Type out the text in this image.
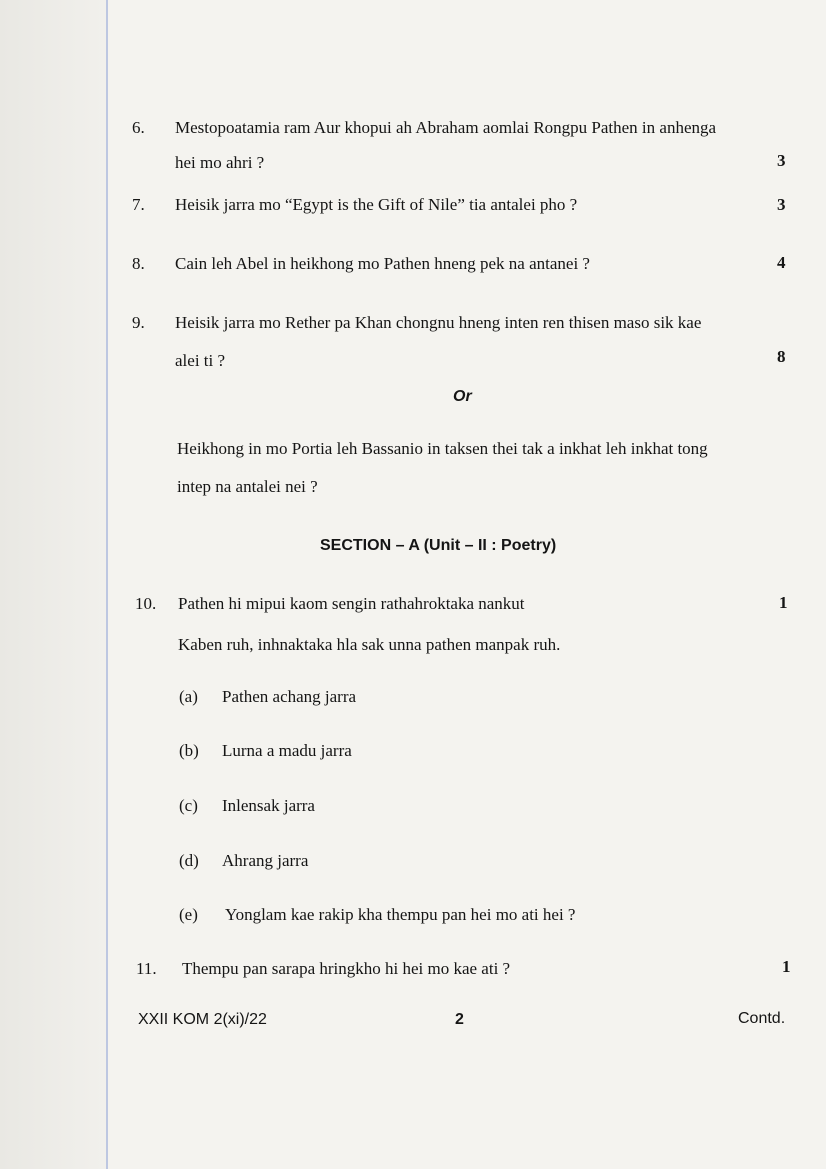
6. Mestopoatamia ram Aur khopui ah Abraham aomlai Rongpu Pathen in anhenga
hei mo ahri ?	3
7. Heisik jarra mo “Egypt is the Gift of Nile” tia antalei pho ?	3
8. Cain leh Abel in heikhong mo Pathen hneng pek na antanei ?	4
9. Heisik jarra mo Rether pa Khan chongnu hneng inten ren thisen maso sik kae
alei ti ?	8
Or
Heikhong in mo Portia leh Bassanio in taksen thei tak a inkhat leh inkhat tong
intep na antalei nei ?
SECTION – A (Unit – II : Poetry)
10. Pathen hi mipui kaom sengin rathahroktaka nankut	1
Kaben ruh, inhnaktaka hla sak unna pathen manpak ruh.
(a) Pathen achang jarra
(b) Lurna a madu jarra
(c) Inlensak jarra
(d) Ahrang jarra
(e) Yonglam kae rakip kha thempu pan hei mo ati hei ?
11. Thempu pan sarapa hringkho hi hei mo kae ati ?	1
XXII KOM 2(xi)/22	2	Contd.
